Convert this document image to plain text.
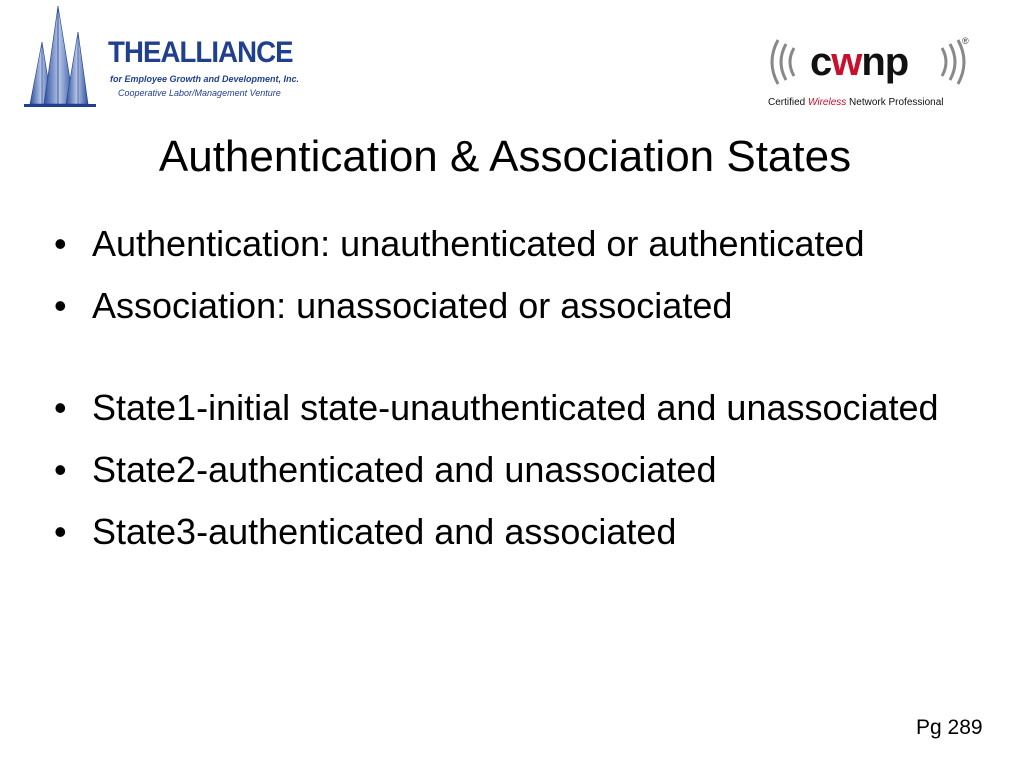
THEALLIANCE
for Employee Growth and Development, Inc.
Cooperative Labor/Management Venture
cwnp	®
Certified Wireless Network Professional
Authentication & Association States
• Authentication: unauthenticated or authenticated
• Association: unassociated or associated
• State1-initial state-unauthenticated and unassociated
• State2-authenticated and unassociated
• State3-authenticated and associated
Pg 289
